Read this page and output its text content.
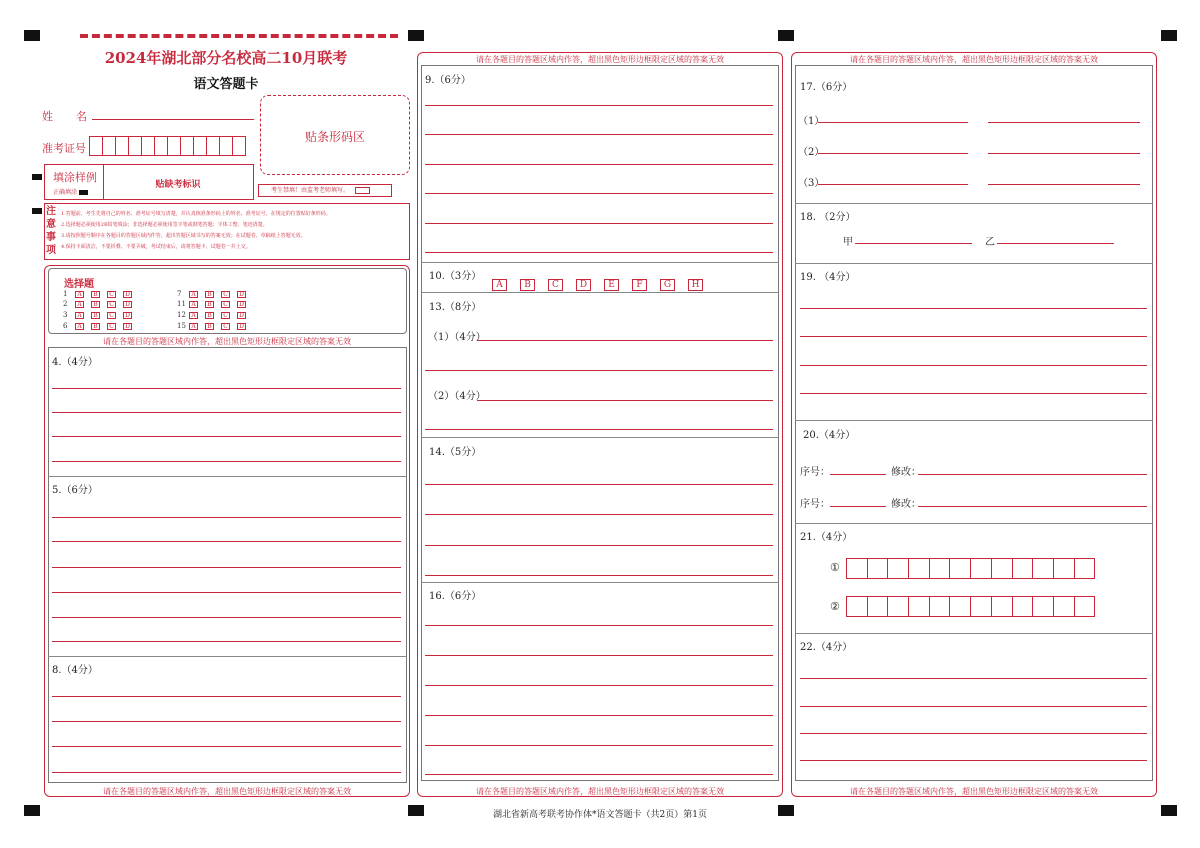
2024年湖北部分名校高二10月联考
语文答题卡
姓　名
准考证号
贴条形码区
填涂样例
正确填涂
贴缺考标识
考生禁填！由监考老师填写。
注
意
事
项
1.答题前，考生先将自己的姓名、准考证号填写清楚，并认真核准条形码上的姓名、准考证号，在规定的位置贴好条形码。
2.选择题必须使用2B铅笔填涂；非选择题必须使用签字笔或钢笔答题；字体工整、笔迹清楚。
3.请按照题号顺序在各题目的答题区域内作答，超出答题区域书写的答案无效；在试题卷、草稿纸上答题无效。
4.保持卡面清洁，不要折叠、不要弄破，考试结束后，请将答题卡、试题卷一并上交。
选择题
1 A B C D
2 A B C D
3 A B C D
6 A B C D
7 A B C D
11 A B C D
12 A B C D
15 A B C D
请在各题目的答题区域内作答，超出黑色矩形边框限定区域的答案无效
4.（4分）
5.（6分）
8.（4分）
请在各题目的答题区域内作答，超出黑色矩形边框限定区域的答案无效
请在各题目的答题区域内作答，超出黑色矩形边框限定区域的答案无效
9.（6分）
10.（3分）
A B C D E F G H
13.（8分）
（1）（4分）
（2）（4分）
14.（5分）
16.（6分）
请在各题目的答题区域内作答，超出黑色矩形边框限定区域的答案无效
请在各题目的答题区域内作答，超出黑色矩形边框限定区域的答案无效
17.（6分）
（1）
（2）
（3）
18. （2分）
甲	乙
19. （4分）
20.（4分）
序号：	修改：
序号：	修改：
21.（4分）
①
②
22.（4分）
请在各题目的答题区域内作答，超出黑色矩形边框限定区域的答案无效
湖北省新高考联考协作体*语文答题卡（共2页）第1页
